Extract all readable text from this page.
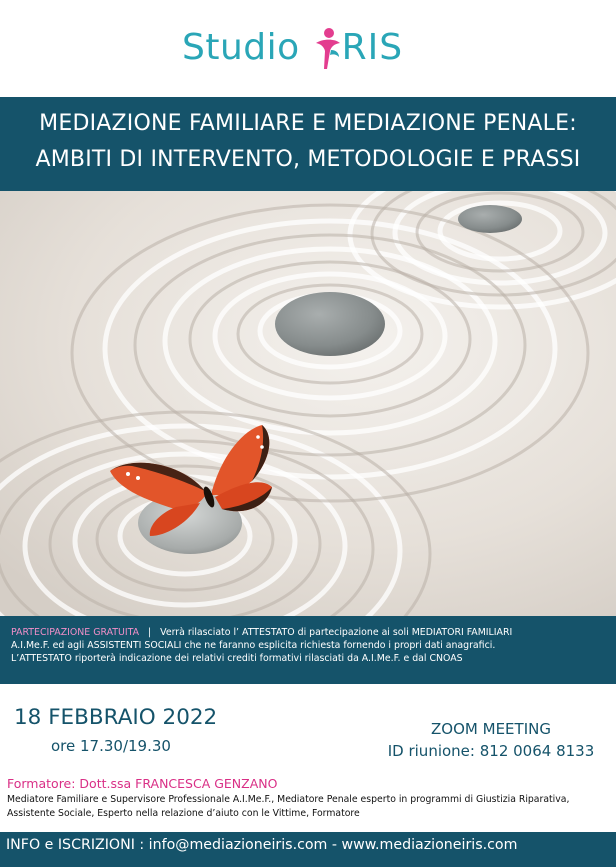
Studio RIS
MEDIAZIONE FAMILIARE E MEDIAZIONE PENALE:
AMBITI DI INTERVENTO, METODOLOGIE E PRASSI
PARTECIPAZIONE GRATUITA | Verrà rilasciato l’ ATTESTATO di partecipazione ai soli MEDIATORI FAMILIARI
A.I.Me.F. ed agli ASSISTENTI SOCIALI che ne faranno esplicita richiesta fornendo i propri dati anagrafici.
L’ATTESTATO riporterà indicazione dei relativi crediti formativi rilasciati da A.I.Me.F. e dal CNOAS
18 FEBBRAIO 2022
ore 17.30/19.30
ZOOM MEETING
ID riunione: 812 0064 8133
Formatore: Dott.ssa FRANCESCA GENZANO
Mediatore Familiare e Supervisore Professionale A.I.Me.F., Mediatore Penale esperto in programmi di Giustizia Riparativa, Assistente Sociale, Esperto nella relazione d’aiuto con le Vittime, Formatore
INFO e ISCRIZIONI : info@mediazioneiris.com - www.mediazioneiris.com
